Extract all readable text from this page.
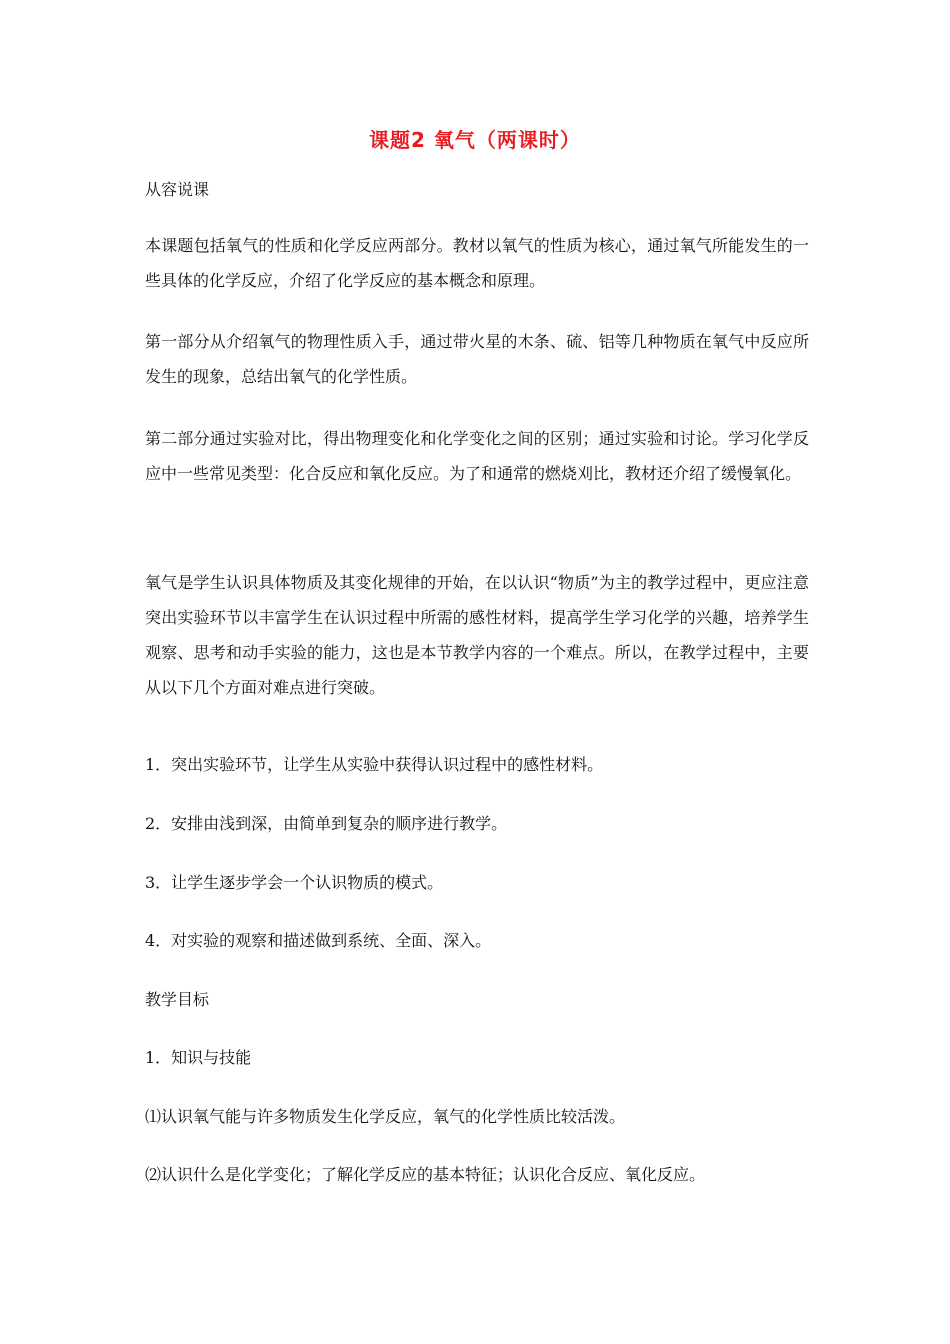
课题2 氧气（两课时）

从容说课

本课题包括氧气的性质和化学反应两部分。教材以氧气的性质为核心，通过氧气所能发生的一些具体的化学反应，介绍了化学反应的基本概念和原理。

第一部分从介绍氧气的物理性质入手，通过带火星的木条、硫、铝等几种物质在氧气中反应所发生的现象，总结出氧气的化学性质。

第二部分通过实验对比，得出物理变化和化学变化之间的区别；通过实验和讨论。学习化学反应中一些常见类型：化合反应和氧化反应。为了和通常的燃烧刈比，教材还介绍了缓慢氧化。

氧气是学生认识具体物质及其变化规律的开始，在以认识“物质”为主的教学过程中，更应注意突出实验环节以丰富学生在认识过程中所需的感性材料，提高学生学习化学的兴趣，培养学生观察、思考和动手实验的能力，这也是本节教学内容的一个难点。所以，在教学过程中，主要从以下几个方面对难点进行突破。

1．突出实验环节，让学生从实验中获得认识过程中的感性材料。

2．安排由浅到深，由简单到复杂的顺序进行教学。

3．让学生逐步学会一个认识物质的模式。

4．对实验的观察和描述做到系统、全面、深入。

教学目标

1．知识与技能

⑴认识氧气能与许多物质发生化学反应，氧气的化学性质比较活泼。

⑵认识什么是化学变化；了解化学反应的基本特征；认识化合反应、氧化反应。
